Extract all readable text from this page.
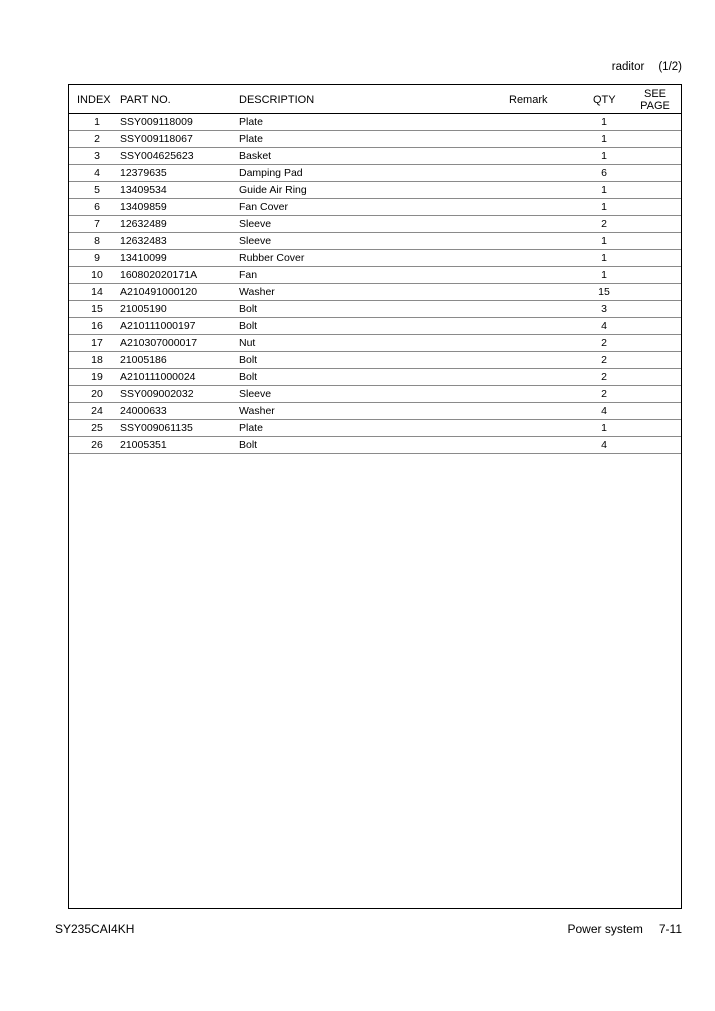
raditor (1/2)
INDEX PART NO.	DESCRIPTION	Remark	QTY	SEE
PAGE
1	SSY009118009	Plate	1
2	SSY009118067	Plate	1
3	SSY004625623	Basket	1
4	12379635	Damping Pad	6
5	13409534	Guide Air Ring	1
6	13409859	Fan Cover	1
7	12632489	Sleeve	2
8	12632483	Sleeve	1
9	13410099	Rubber Cover	1
10	160802020171A	Fan	1
14	A210491000120	Washer	15
15	21005190	Bolt	3
16	A210111000197	Bolt	4
17	A210307000017	Nut	2
18	21005186	Bolt	2
19	A210111000024	Bolt	2
20	SSY009002032	Sleeve	2
24	24000633	Washer	4
25	SSY009061135	Plate	1
26	21005351	Bolt	4
SY235CAI4KH	Power system 7-11
